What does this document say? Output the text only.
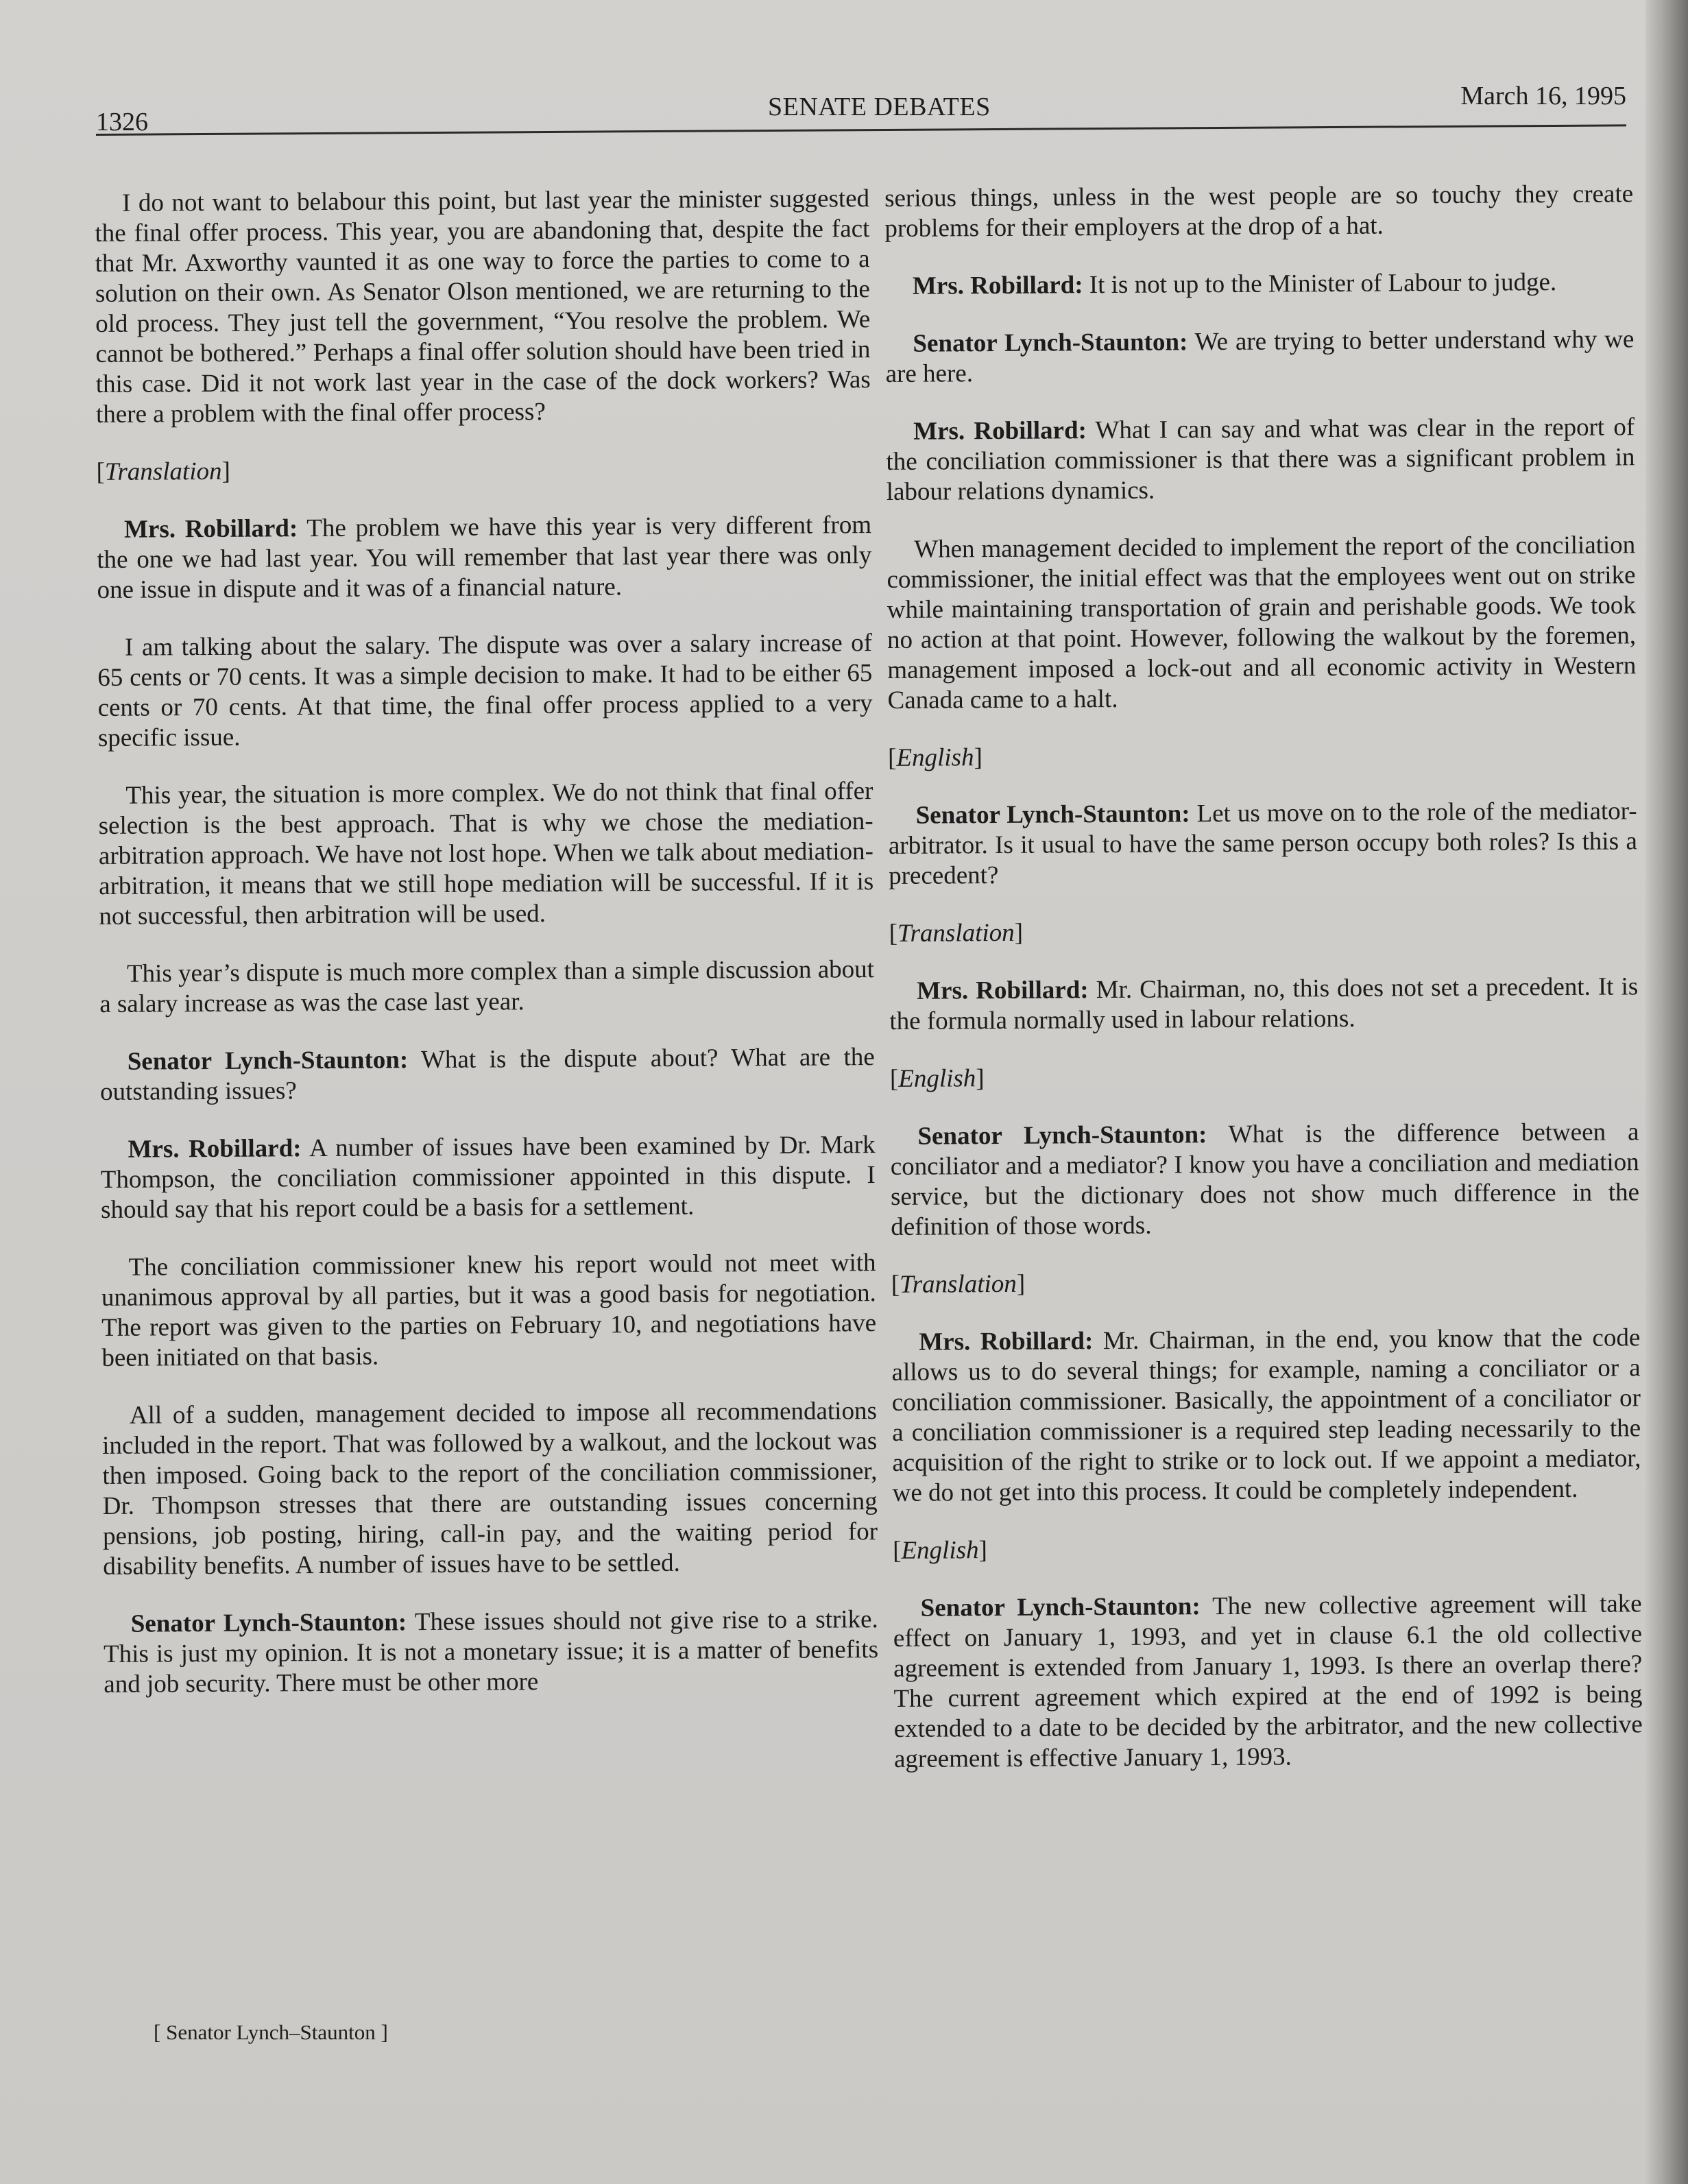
1326
SENATE DEBATES	March 16, 1995

I do not want to belabour this point, but last year the minister suggested the final offer process. This year, you are abandoning that, despite the fact that Mr. Axworthy vaunted it as one way to force the parties to come to a solution on their own. As Senator Olson mentioned, we are returning to the old process. They just tell the government, “You resolve the problem. We cannot be bothered.” Perhaps a final offer solution should have been tried in this case. Did it not work last year in the case of the dock workers? Was there a problem with the final offer process?

[Translation]

Mrs. Robillard: The problem we have this year is very different from the one we had last year. You will remember that last year there was only one issue in dispute and it was of a financial nature.

I am talking about the salary. The dispute was over a salary increase of 65 cents or 70 cents. It was a simple decision to make. It had to be either 65 cents or 70 cents. At that time, the final offer process applied to a very specific issue.

This year, the situation is more complex. We do not think that final offer selection is the best approach. That is why we chose the mediation-arbitration approach. We have not lost hope. When we talk about mediation-arbitration, it means that we still hope mediation will be successful. If it is not successful, then arbitration will be used.

This year’s dispute is much more complex than a simple discussion about a salary increase as was the case last year.

Senator Lynch-Staunton: What is the dispute about? What are the outstanding issues?

Mrs. Robillard: A number of issues have been examined by Dr. Mark Thompson, the conciliation commissioner appointed in this dispute. I should say that his report could be a basis for a settlement.

The conciliation commissioner knew his report would not meet with unanimous approval by all parties, but it was a good basis for negotiation. The report was given to the parties on February 10, and negotiations have been initiated on that basis.

All of a sudden, management decided to impose all recommendations included in the report. That was followed by a walkout, and the lockout was then imposed. Going back to the report of the conciliation commissioner, Dr. Thompson stresses that there are outstanding issues concerning pensions, job posting, hiring, call-in pay, and the waiting period for disability benefits. A number of issues have to be settled.

Senator Lynch-Staunton: These issues should not give rise to a strike. This is just my opinion. It is not a monetary issue; it is a matter of benefits and job security. There must be other more

serious things, unless in the west people are so touchy they create problems for their employers at the drop of a hat.

Mrs. Robillard: It is not up to the Minister of Labour to judge.

Senator Lynch-Staunton: We are trying to better understand why we are here.

Mrs. Robillard: What I can say and what was clear in the report of the conciliation commissioner is that there was a significant problem in labour relations dynamics.

When management decided to implement the report of the conciliation commissioner, the initial effect was that the employees went out on strike while maintaining transportation of grain and perishable goods. We took no action at that point. However, following the walkout by the foremen, management imposed a lock-out and all economic activity in Western Canada came to a halt.

[English]

Senator Lynch-Staunton: Let us move on to the role of the mediator-arbitrator. Is it usual to have the same person occupy both roles? Is this a precedent?

[Translation]

Mrs. Robillard: Mr. Chairman, no, this does not set a precedent. It is the formula normally used in labour relations.

[English]

Senator Lynch-Staunton: What is the difference between a conciliator and a mediator? I know you have a conciliation and mediation service, but the dictionary does not show much difference in the definition of those words.

[Translation]

Mrs. Robillard: Mr. Chairman, in the end, you know that the code allows us to do several things; for example, naming a conciliator or a conciliation commissioner. Basically, the appointment of a conciliator or a conciliation commissioner is a required step leading necessarily to the acquisition of the right to strike or to lock out. If we appoint a mediator, we do not get into this process. It could be completely independent.

[English]

Senator Lynch-Staunton: The new collective agreement will take effect on January 1, 1993, and yet in clause 6.1 the old collective agreement is extended from January 1, 1993. Is there an overlap there? The current agreement which expired at the end of 1992 is being extended to a date to be decided by the arbitrator, and the new collective agreement is effective January 1, 1993.

[ Senator Lynch–Staunton ]
